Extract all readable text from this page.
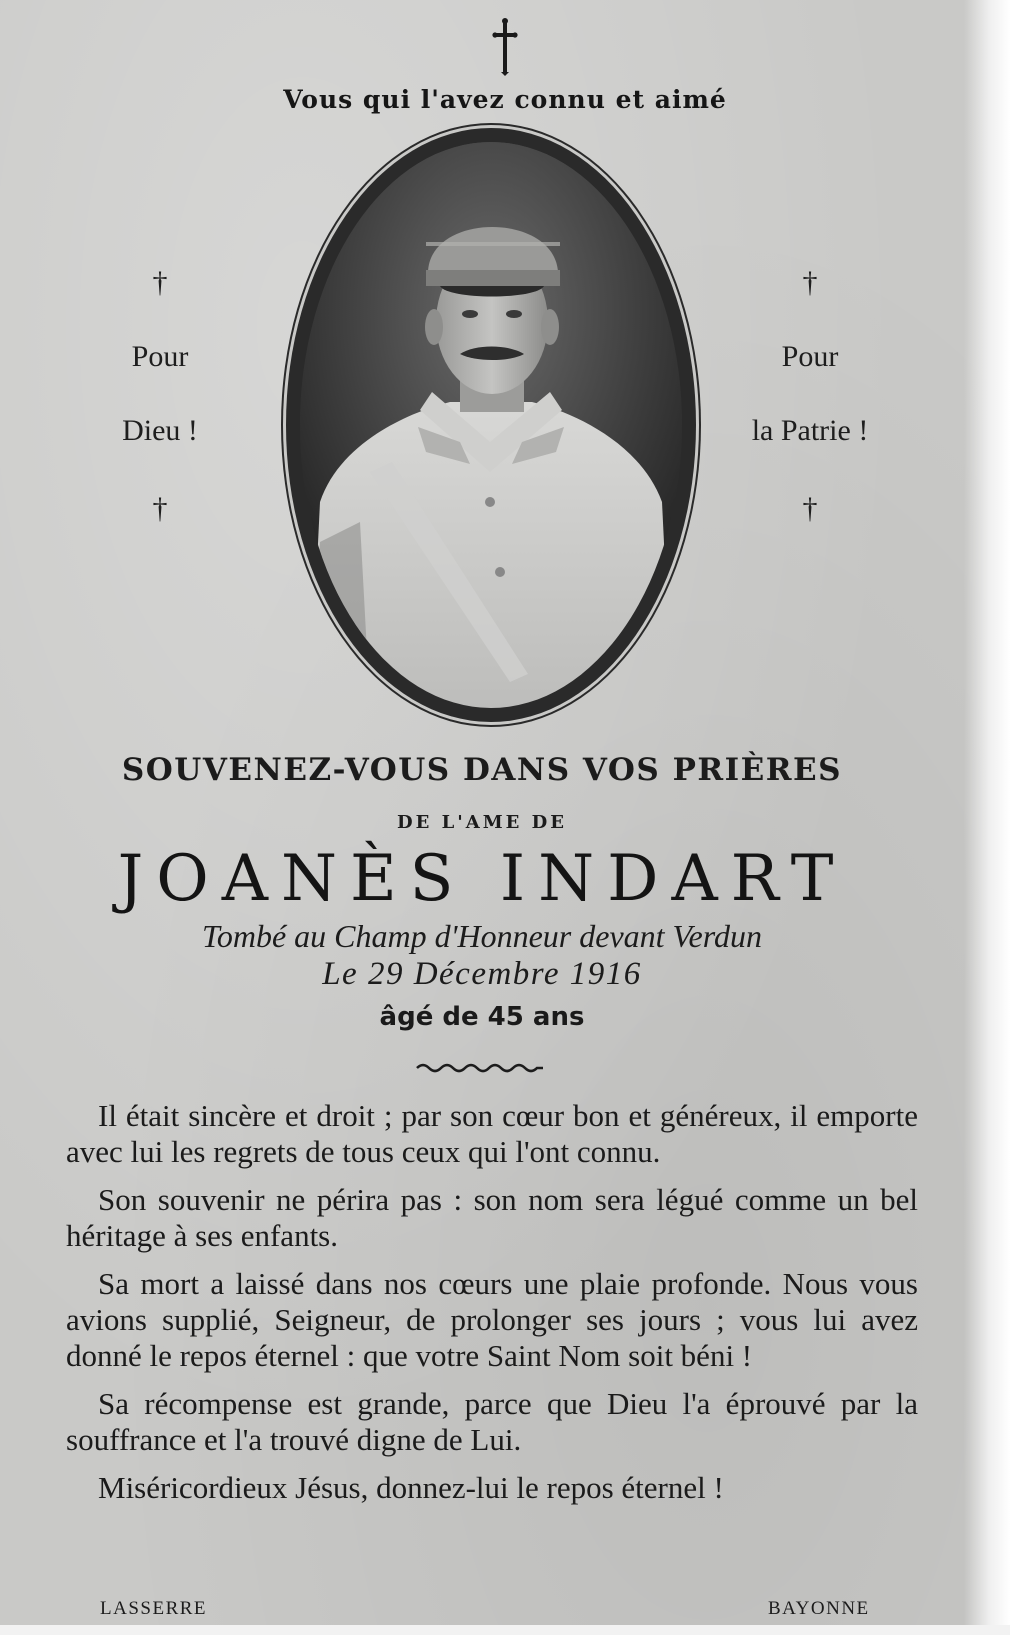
Vous qui l'avez connu et aimé
†
Pour
Dieu !
†
†
Pour
la Patrie !
†
SOUVENEZ-VOUS DANS VOS PRIÈRES
DE L'AME DE
JOANÈS INDART
Tombé au Champ d'Honneur devant Verdun
Le 29 Décembre 1916
âgé de 45 ans

Il était sincère et droit ; par son cœur bon et généreux, il emporte avec lui les regrets de tous ceux qui l'ont connu.

Son souvenir ne périra pas : son nom sera légué comme un bel héritage à ses enfants.

Sa mort a laissé dans nos cœurs une plaie profonde. Nous vous avions supplié, Seigneur, de prolonger ses jours ; vous lui avez donné le repos éternel : que votre Saint Nom soit béni !

Sa récompense est grande, parce que Dieu l'a éprouvé par la souffrance et l'a trouvé digne de Lui.

Miséricordieux Jésus, donnez-lui le repos éternel !

LASSERRE	BAYONNE
